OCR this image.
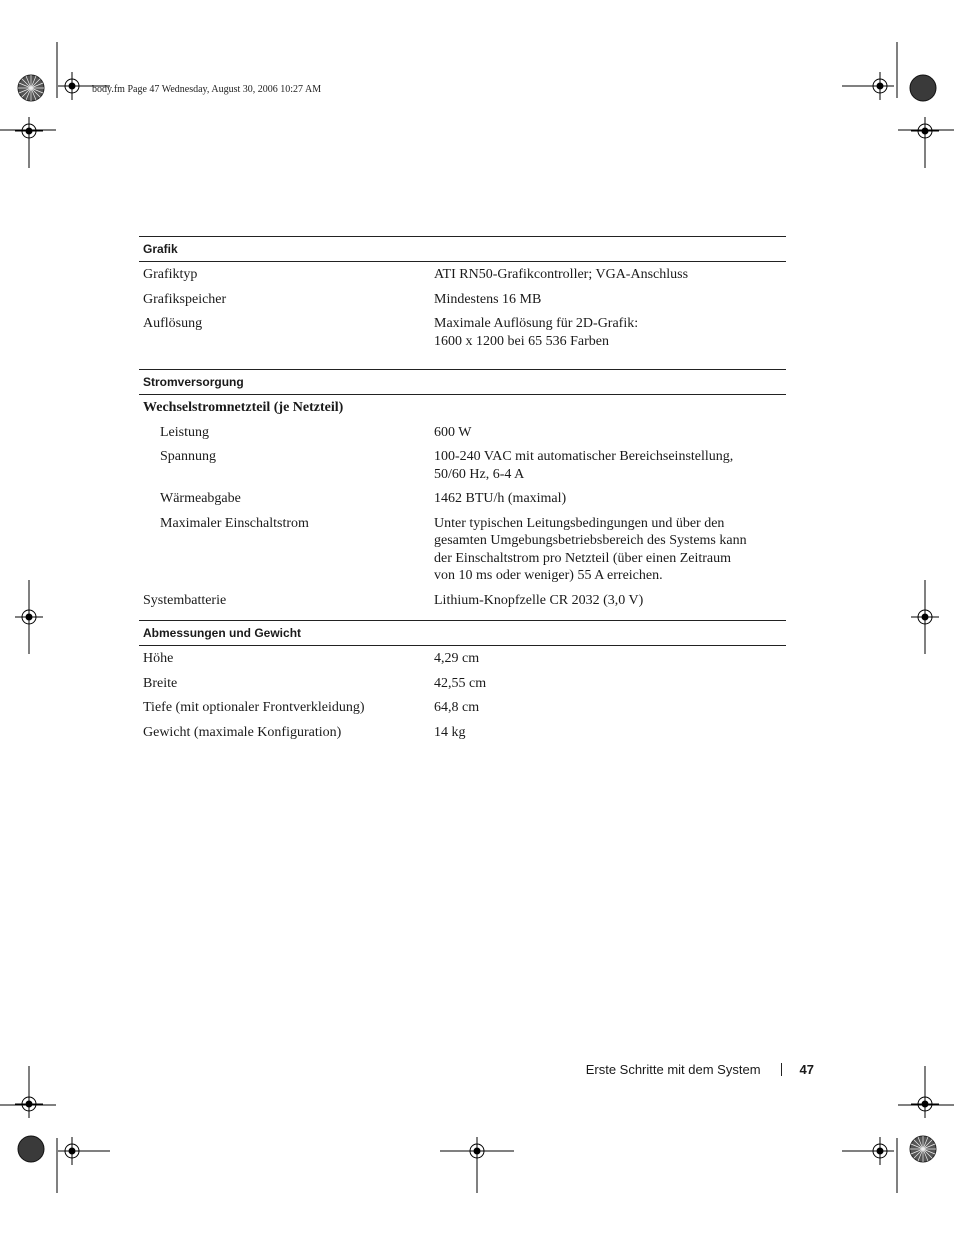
body.fm Page 47 Wednesday, August 30, 2006 10:27 AM
Grafik
Grafiktyp	ATI RN50-Grafikcontroller; VGA-Anschluss
Grafikspeicher	Mindestens 16 MB
Auflösung	Maximale Auflösung für 2D-Grafik:
1600 x 1200 bei 65 536 Farben
Stromversorgung
Wechselstromnetzteil (je Netzteil)
Leistung	600 W
Spannung	100-240 VAC mit automatischer Bereichseinstellung,
50/60 Hz, 6-4 A
Wärmeabgabe	1462 BTU/h (maximal)
Maximaler Einschaltstrom	Unter typischen Leitungsbedingungen und über den
gesamten Umgebungsbetriebsbereich des Systems kann
der Einschaltstrom pro Netzteil (über einen Zeitraum
von 10 ms oder weniger) 55 A erreichen.
Systembatterie	Lithium-Knopfzelle CR 2032 (3,0 V)
Abmessungen und Gewicht
Höhe	4,29 cm
Breite	42,55 cm
Tiefe (mit optionaler Frontverkleidung)	64,8 cm
Gewicht (maximale Konfiguration)	14 kg
Erste Schritte mit dem System	47
